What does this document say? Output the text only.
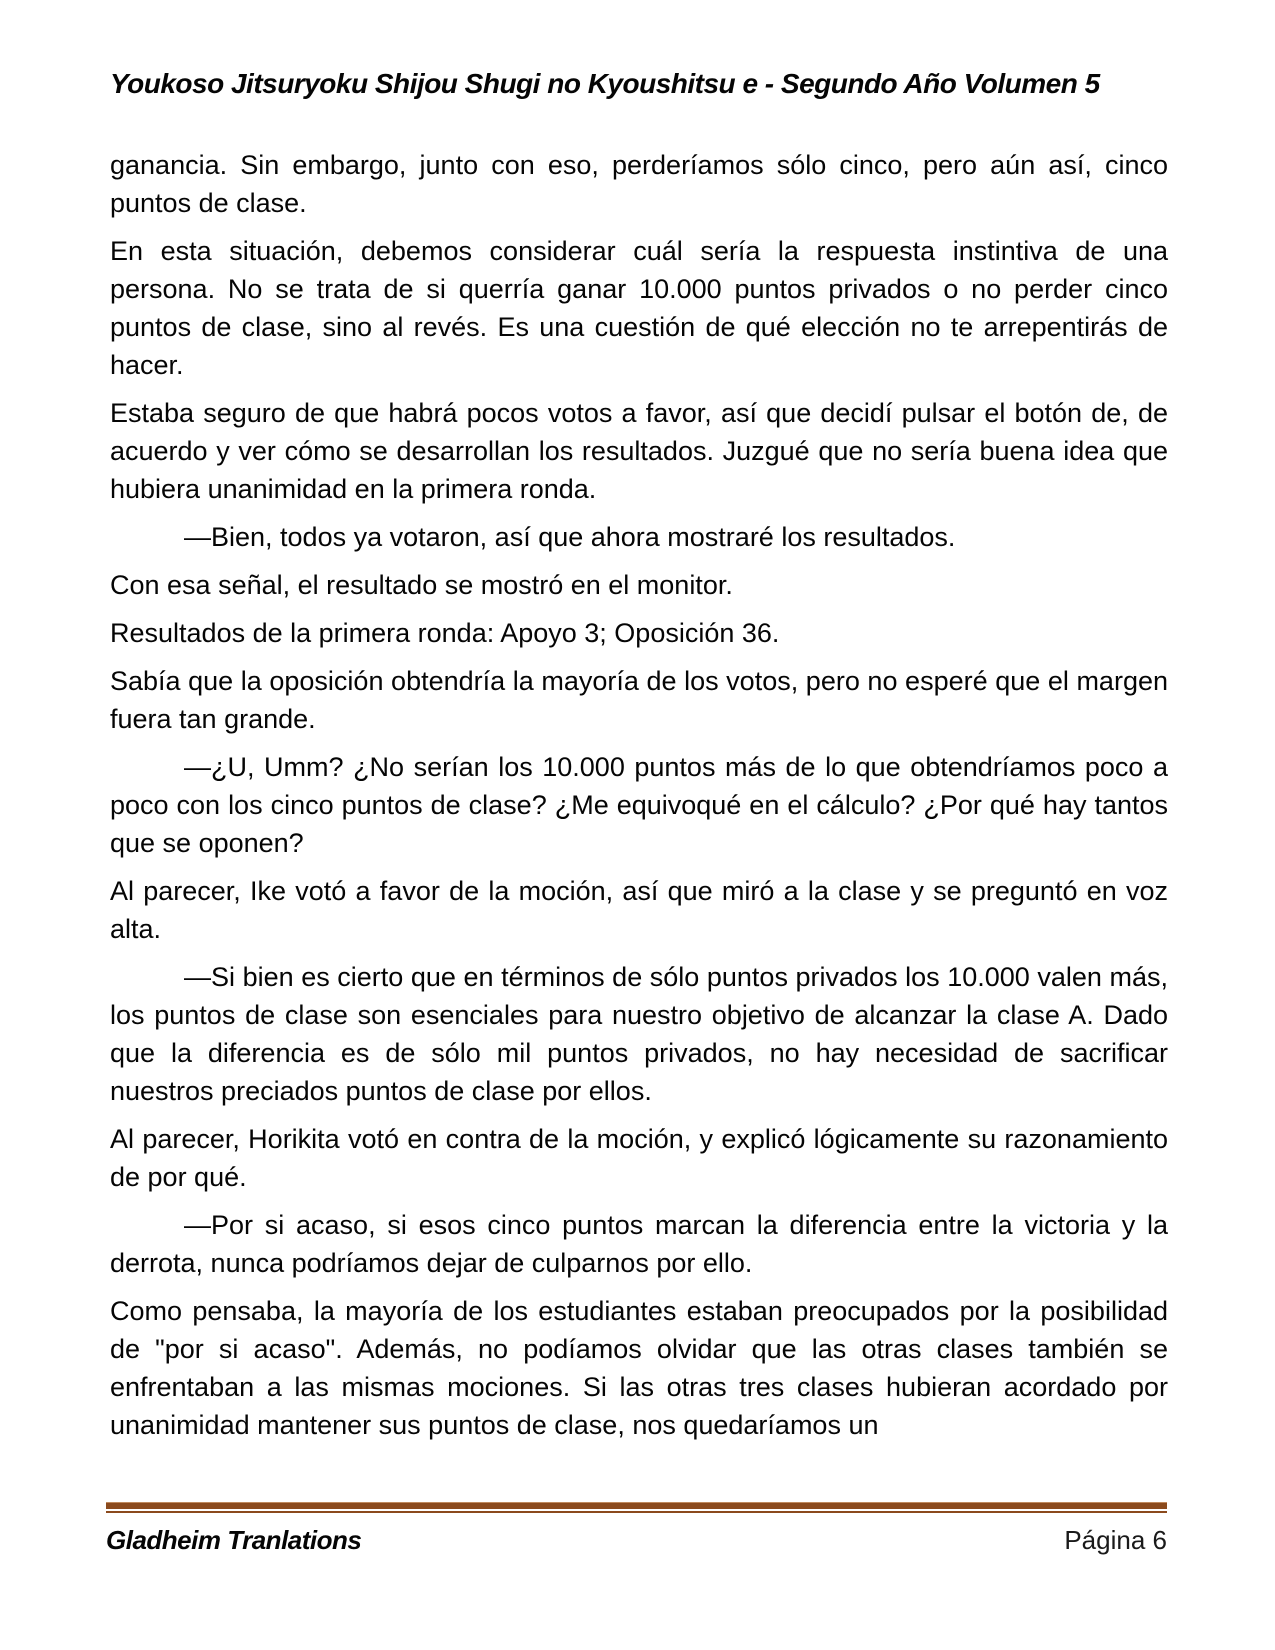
Youkoso Jitsuryoku Shijou Shugi no Kyoushitsu e - Segundo Año Volumen 5

ganancia. Sin embargo, junto con eso, perderíamos sólo cinco, pero aún así, cinco puntos de clase.

En esta situación, debemos considerar cuál sería la respuesta instintiva de una persona. No se trata de si querría ganar 10.000 puntos privados o no perder cinco puntos de clase, sino al revés. Es una cuestión de qué elección no te arrepentirás de hacer.

Estaba seguro de que habrá pocos votos a favor, así que decidí pulsar el botón de, de acuerdo y ver cómo se desarrollan los resultados. Juzgué que no sería buena idea que hubiera unanimidad en la primera ronda.

—Bien, todos ya votaron, así que ahora mostraré los resultados.

Con esa señal, el resultado se mostró en el monitor.

Resultados de la primera ronda: Apoyo 3; Oposición 36.

Sabía que la oposición obtendría la mayoría de los votos, pero no esperé que el margen fuera tan grande.

—¿U, Umm? ¿No serían los 10.000 puntos más de lo que obtendríamos poco a poco con los cinco puntos de clase? ¿Me equivoqué en el cálculo? ¿Por qué hay tantos que se oponen?

Al parecer, Ike votó a favor de la moción, así que miró a la clase y se preguntó en voz alta.

—Si bien es cierto que en términos de sólo puntos privados los 10.000 valen más, los puntos de clase son esenciales para nuestro objetivo de alcanzar la clase A. Dado que la diferencia es de sólo mil puntos privados, no hay necesidad de sacrificar nuestros preciados puntos de clase por ellos.

Al parecer, Horikita votó en contra de la moción, y explicó lógicamente su razonamiento de por qué.

—Por si acaso, si esos cinco puntos marcan la diferencia entre la victoria y la derrota, nunca podríamos dejar de culparnos por ello.

Como pensaba, la mayoría de los estudiantes estaban preocupados por la posibilidad de "por si acaso". Además, no podíamos olvidar que las otras clases también se enfrentaban a las mismas mociones. Si las otras tres clases hubieran acordado por unanimidad mantener sus puntos de clase, nos quedaríamos un

Gladheim Tranlations	Página 6
